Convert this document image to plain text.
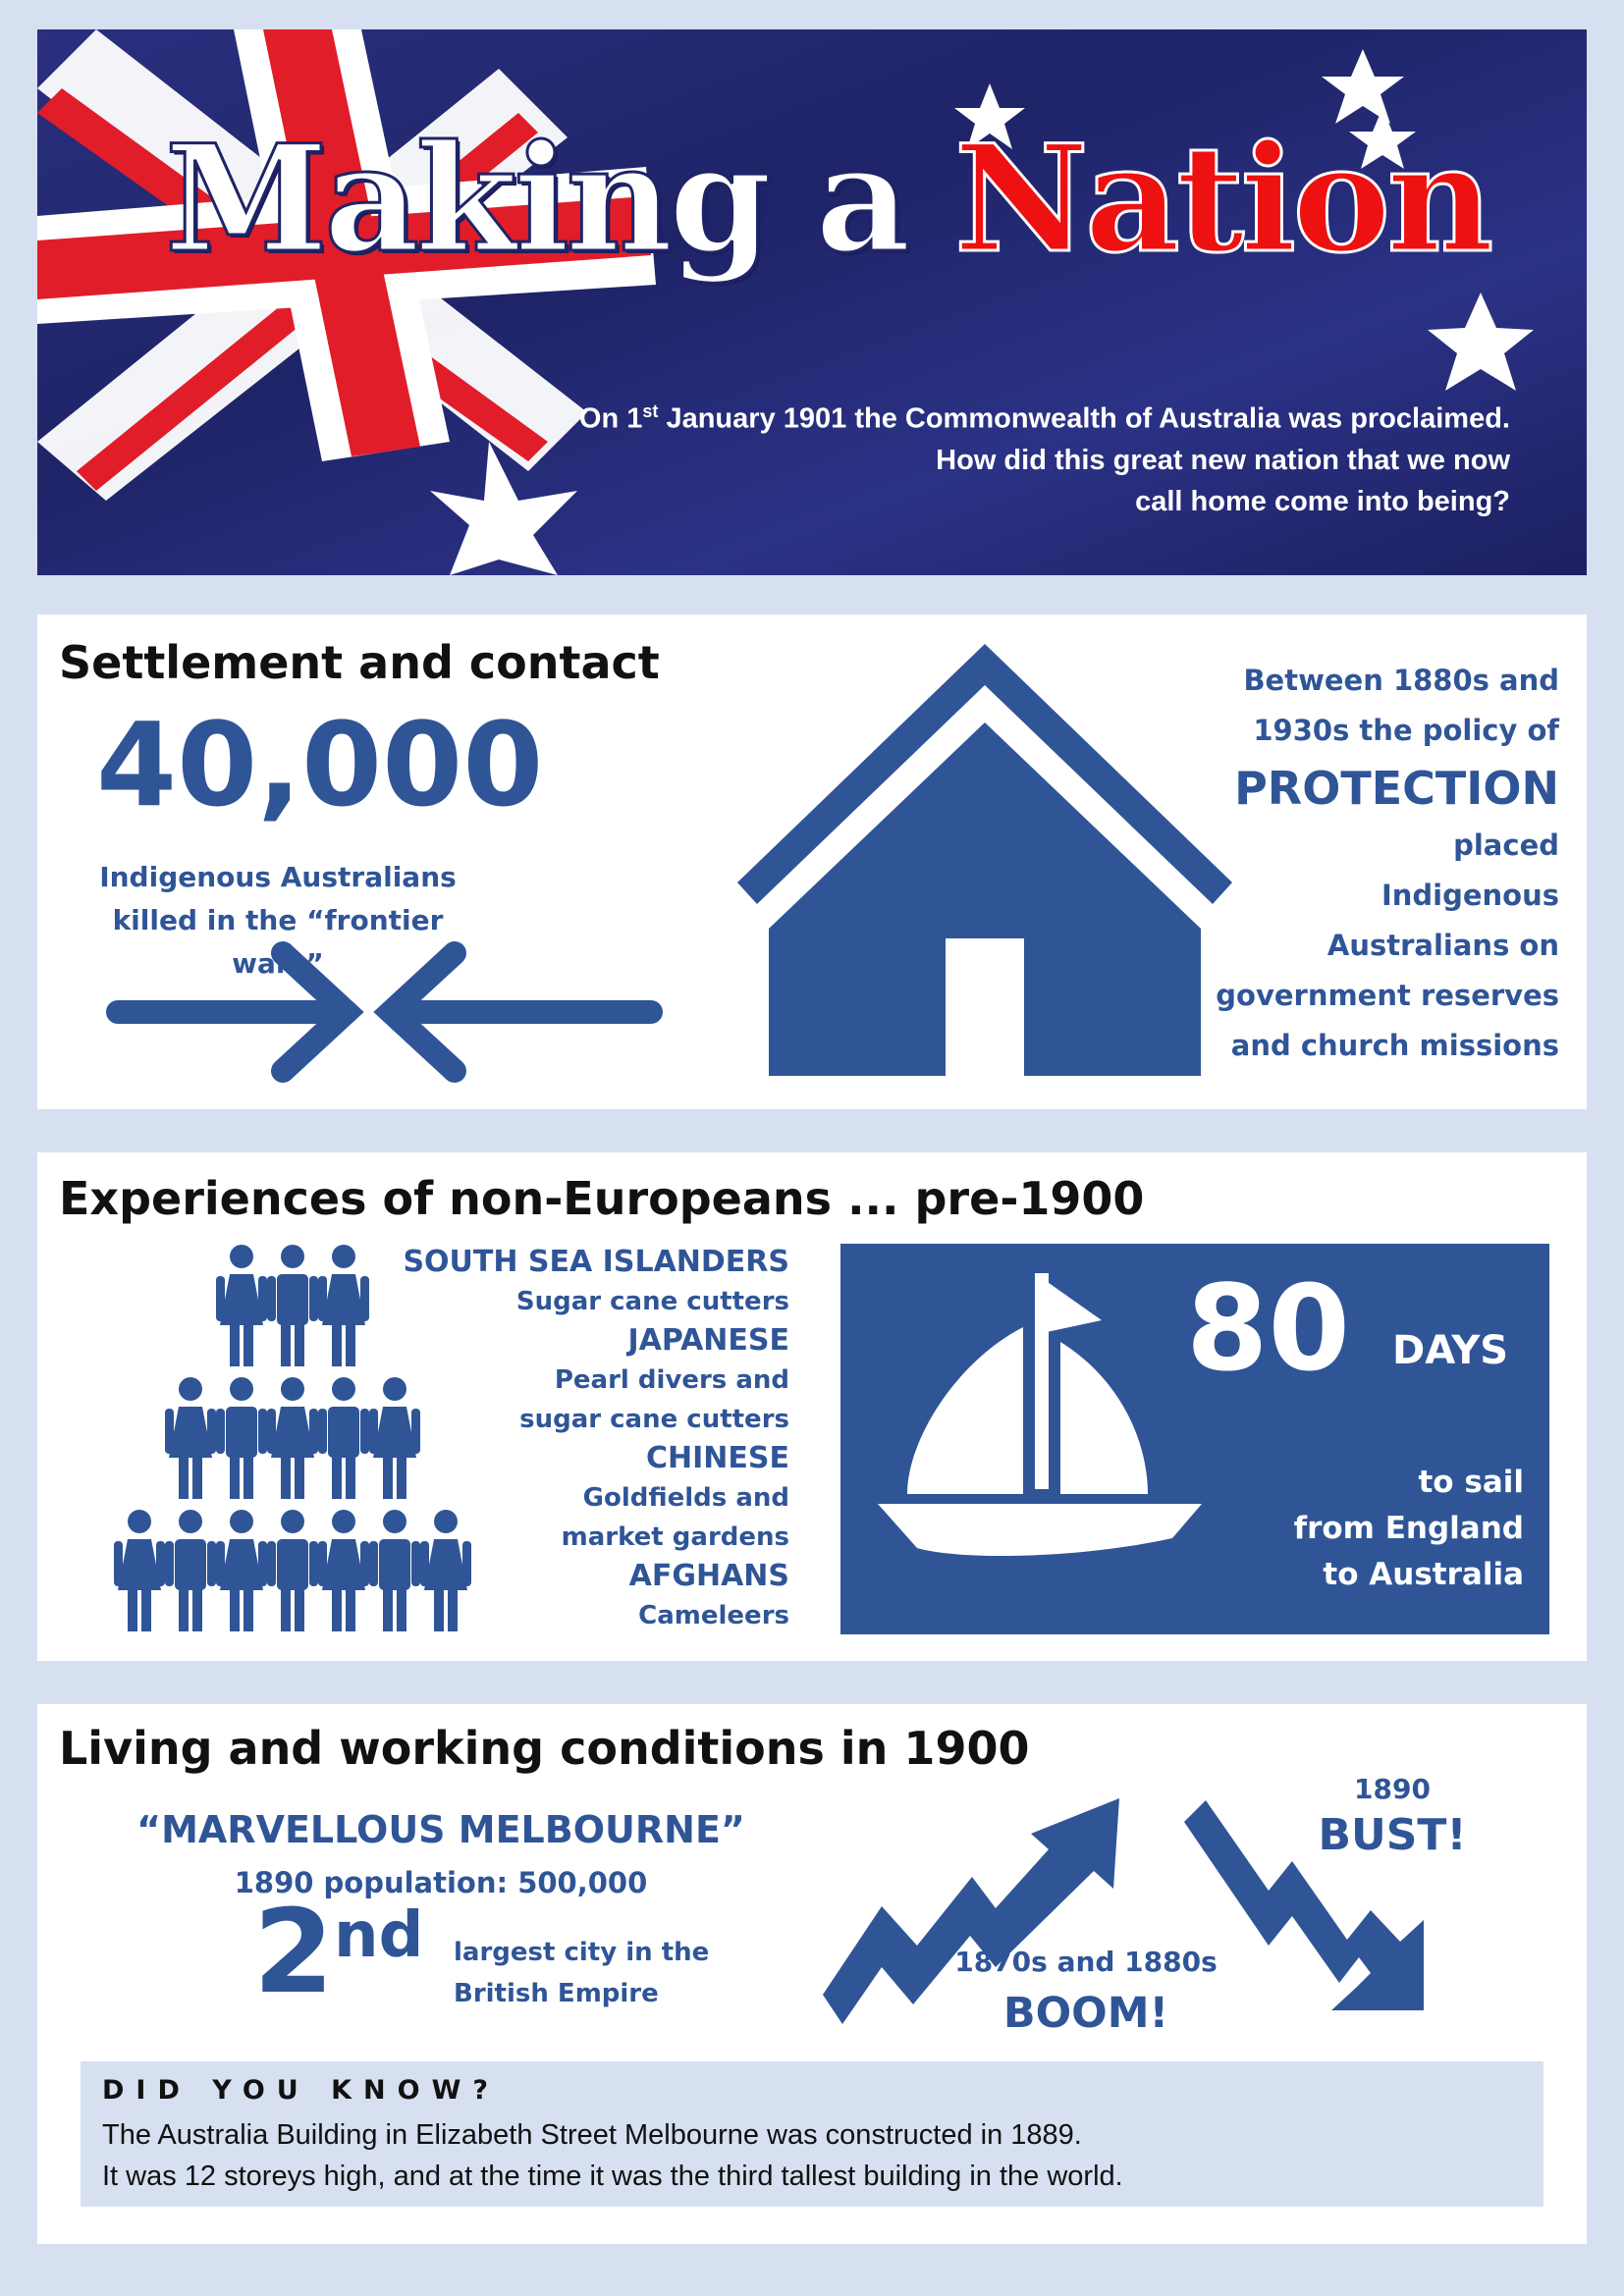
Making a Nation
On 1st January 1901 the Commonwealth of Australia was proclaimed.
How did this great new nation that we now
call home come into being?
Settlement and contact
40,000
Indigenous Australians
killed in the “frontier wars”
Between 1880s and
1930s the policy of
PROTECTION
placed
Indigenous
Australians on
government reserves
and church missions
Experiences of non-Europeans ... pre-1900
SOUTH SEA ISLANDERS
Sugar cane cutters
JAPANESE
Pearl divers and
sugar cane cutters
CHINESE
Goldfields and
market gardens
AFGHANS
Cameleers
80 DAYS
to sail
from England
to Australia
Living and working conditions in 1900
“MARVELLOUS MELBOURNE”
1890 population: 500,000
2 nd largest city in the
British Empire
1870s and 1880s
BOOM!
1890
BUST!
DID YOU KNOW?
The Australia Building in Elizabeth Street Melbourne was constructed in 1889.
It was 12 storeys high, and at the time it was the third tallest building in the world.
